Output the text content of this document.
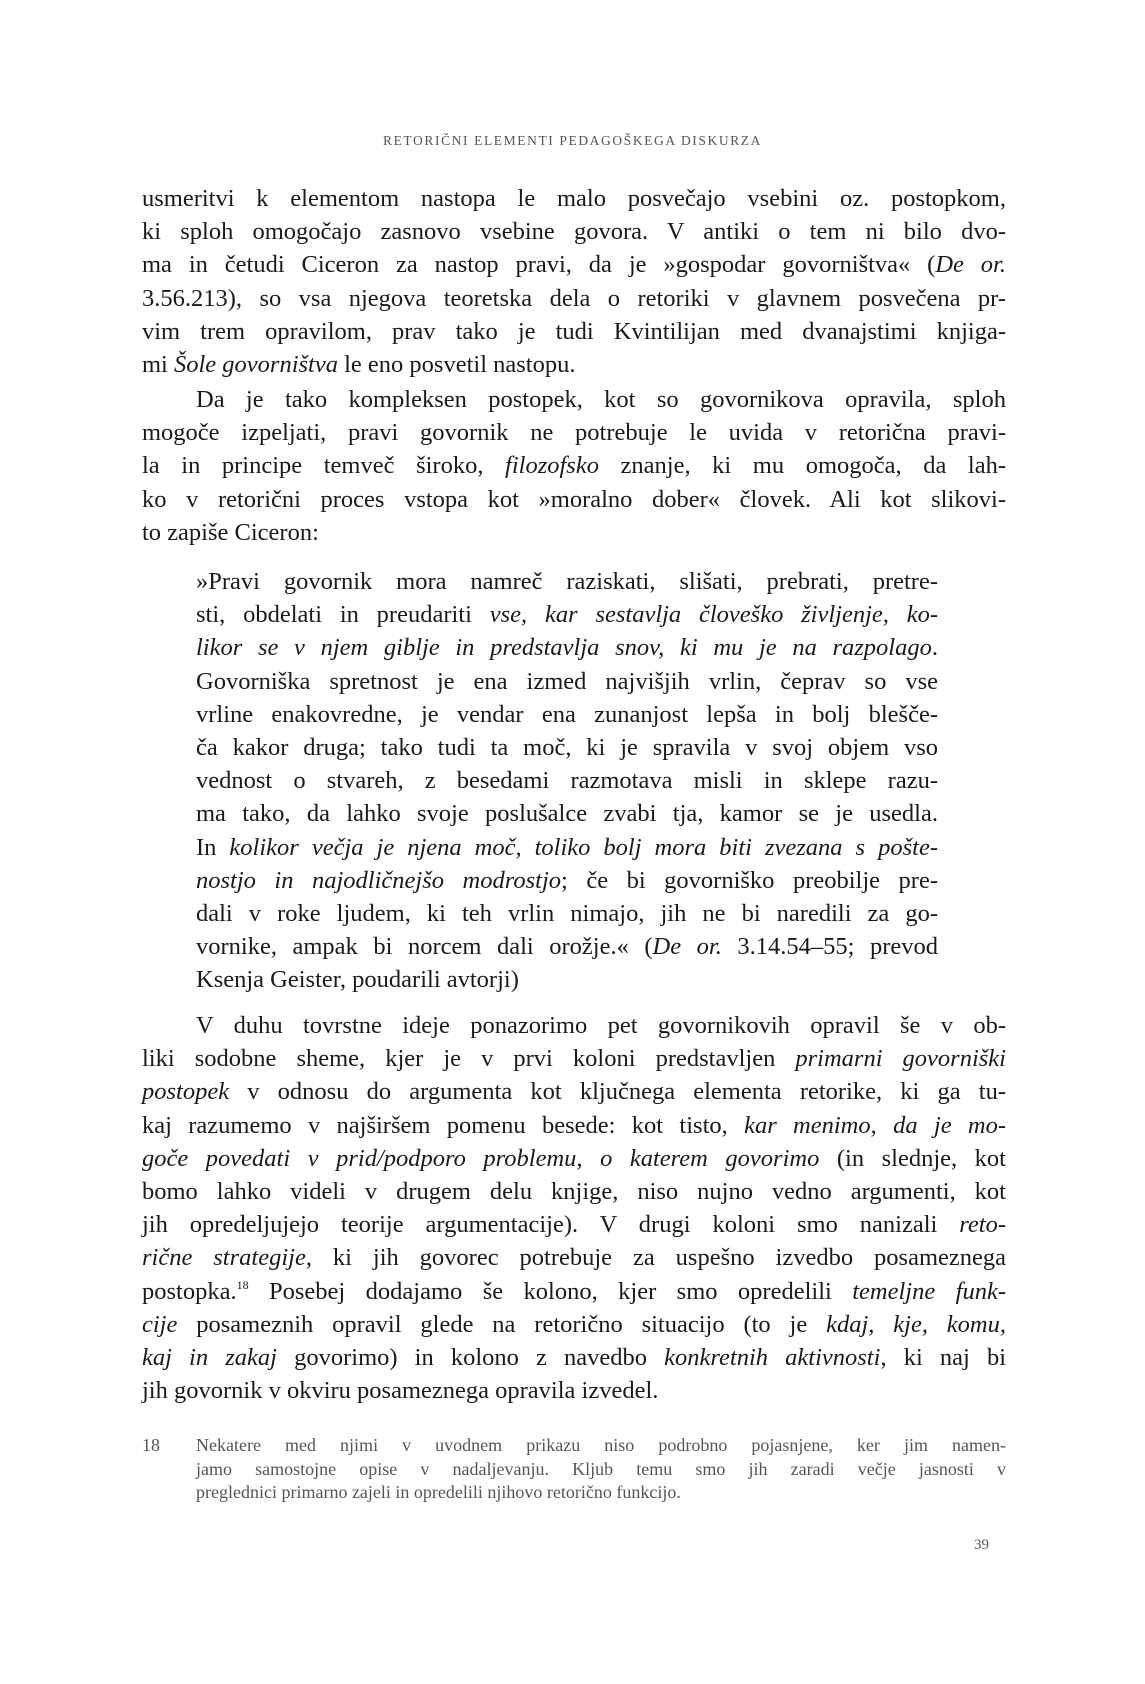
RETORIČNI ELEMENTI PEDAGOŠKEGA DISKURZA
usmeritvi k elementom nastopa le malo posvečajo vsebini oz. postopkom,
ki sploh omogočajo zasnovo vsebine govora. V antiki o tem ni bilo dvo-
ma in četudi Ciceron za nastop pravi, da je »gospodar govorništva« (De or.
3.56.213), so vsa njegova teoretska dela o retoriki v glavnem posvečena pr-
vim trem opravilom, prav tako je tudi Kvintilijan med dvanajstimi knjiga-
mi Šole govorništva le eno posvetil nastopu.
Da je tako kompleksen postopek, kot so govornikova opravila, sploh
mogoče izpeljati, pravi govornik ne potrebuje le uvida v retorična pravi-
la in principe temveč široko, filozofsko znanje, ki mu omogoča, da lah-
ko v retorični proces vstopa kot »moralno dober« človek. Ali kot slikovi-
to zapiše Ciceron:
»Pravi govornik mora namreč raziskati, slišati, prebrati, pretre-
sti, obdelati in preudariti vse, kar sestavlja človeško življenje, ko-
likor se v njem giblje in predstavlja snov, ki mu je na razpolago.
Govorniška spretnost je ena izmed najvišjih vrlin, čeprav so vse
vrline enakovredne, je vendar ena zunanjost lepša in bolj blešče-
ča kakor druga; tako tudi ta moč, ki je spravila v svoj objem vso
vednost o stvareh, z besedami razmotava misli in sklepe razu-
ma tako, da lahko svoje poslušalce zvabi tja, kamor se je usedla.
In kolikor večja je njena moč, toliko bolj mora biti zvezana s pošte-
nostjo in najodličnejšo modrostjo; če bi govorniško preobilje pre-
dali v roke ljudem, ki teh vrlin nimajo, jih ne bi naredili za go-
vornike, ampak bi norcem dali orožje.« (De or. 3.14.54–55; prevod
Ksenja Geister, poudarili avtorji)
V duhu tovrstne ideje ponazorimo pet govornikovih opravil še v ob-
liki sodobne sheme, kjer je v prvi koloni predstavljen primarni govorniški
postopek v odnosu do argumenta kot ključnega elementa retorike, ki ga tu-
kaj razumemo v najširšem pomenu besede: kot tisto, kar menimo, da je mo-
goče povedati v prid/podporo problemu, o katerem govorimo (in slednje, kot
bomo lahko videli v drugem delu knjige, niso nujno vedno argumenti, kot
jih opredeljujejo teorije argumentacije). V drugi koloni smo nanizali reto-
rične strategije, ki jih govorec potrebuje za uspešno izvedbo posameznega
postopka.$^{18}$ Posebej dodajamo še kolono, kjer smo opredelili temeljne funk-
cije posameznih opravil glede na retorično situacijo (to je kdaj, kje, komu,
kaj in zakaj govorimo) in kolono z navedbo konkretnih aktivnosti, ki naj bi
jih govornik v okviru posameznega opravila izvedel.
18 Nekatere med njimi v uvodnem prikazu niso podrobno pojasnjene, ker jim namen-
jamo samostojne opise v nadaljevanju. Kljub temu smo jih zaradi večje jasnosti v
preglednici primarno zajeli in opredelili njihovo retorično funkcijo.
39
